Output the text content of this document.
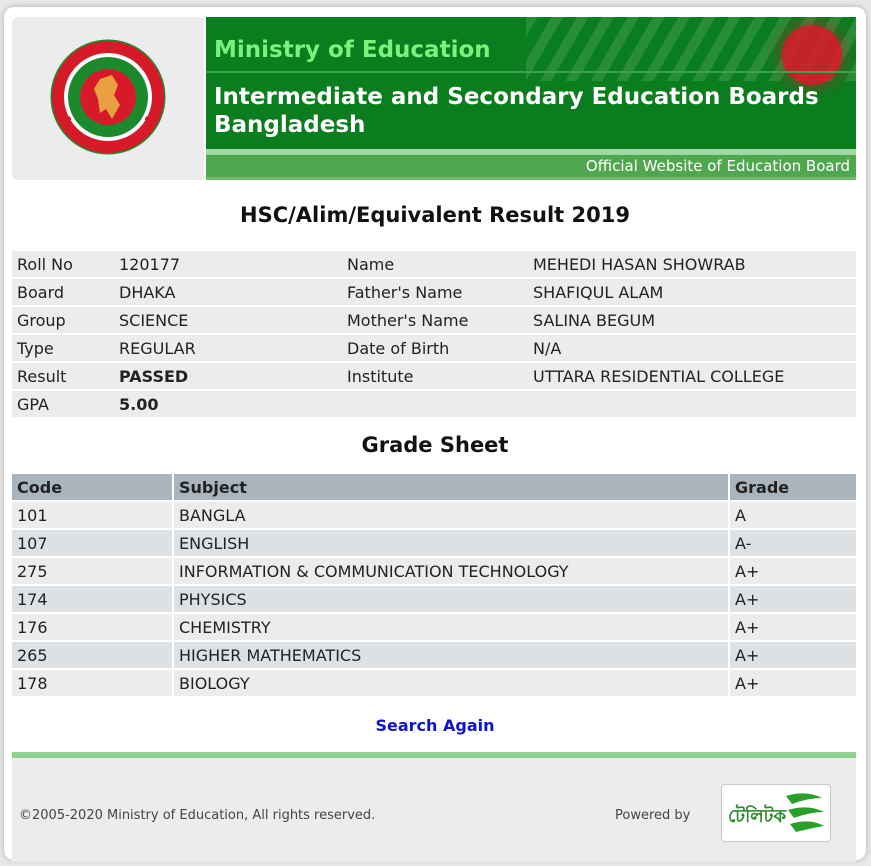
Ministry of Education
Intermediate and Secondary Education Boards Bangladesh
Official Website of Education Board
HSC/Alim/Equivalent Result 2019
Roll No	120177	Name	MEHEDI HASAN SHOWRAB
Board	DHAKA	Father's Name	SHAFIQUL ALAM
Group	SCIENCE	Mother's Name	SALINA BEGUM
Type	REGULAR	Date of Birth	N/A
Result	PASSED	Institute	UTTARA RESIDENTIAL COLLEGE
GPA	5.00		
Grade Sheet
Code	Subject	Grade
101	BANGLA	A
107	ENGLISH	A-
275	INFORMATION & COMMUNICATION TECHNOLOGY	A+
174	PHYSICS	A+
176	CHEMISTRY	A+
265	HIGHER MATHEMATICS	A+
178	BIOLOGY	A+
Search Again
©2005-2020 Ministry of Education, All rights reserved.	Powered by টেলিটক
